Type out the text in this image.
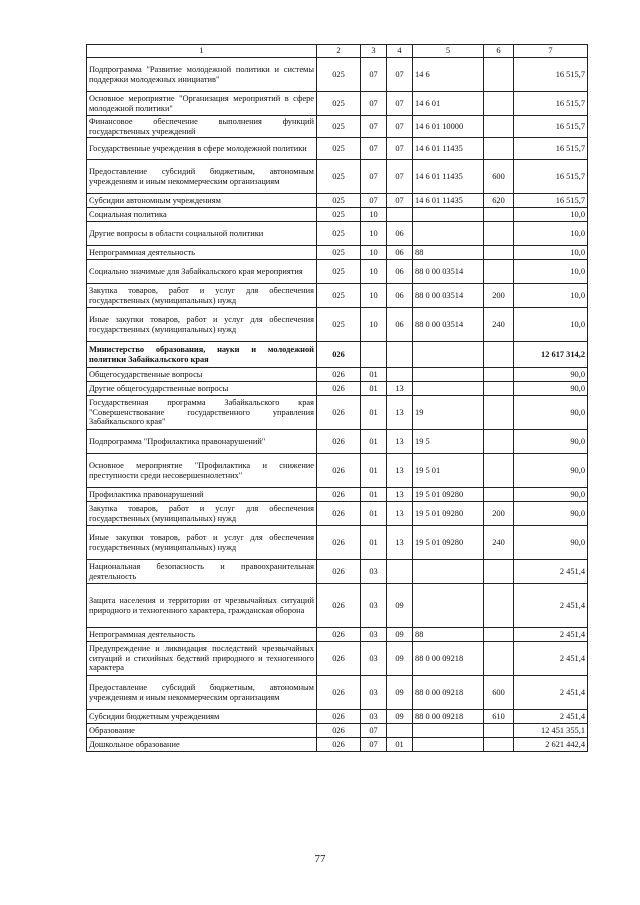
1	2	3	4	5	6	7
Подпрограмма "Развитие молодежной политики и системы поддержки молодежных инициатив"	025	07	07	14 6		16 515,7
Основное мероприятие "Организация мероприятий в сфере молодежной политики"	025	07	07	14 6 01		16 515,7
Финансовое обеспечение выполнения функций государственных учреждений	025	07	07	14 6 01 10000		16 515,7
Государственные учреждения в сфере молодежной политики	025	07	07	14 6 01 11435		16 515,7
Предоставление субсидий бюджетным, автономным учреждениям и иным некоммерческим организациям	025	07	07	14 6 01 11435	600	16 515,7
Субсидии автономным учреждениям	025	07	07	14 6 01 11435	620	16 515,7
Социальная политика	025	10				10,0
Другие вопросы в области социальной политики	025	10	06			10,0
Непрограммная деятельность	025	10	06	88		10,0
Социально значимые для Забайкальского края мероприятия	025	10	06	88 0 00 03514		10,0
Закупка товаров, работ и услуг для обеспечения государственных (муниципальных) нужд	025	10	06	88 0 00 03514	200	10,0
Иные закупки товаров, работ и услуг для обеспечения государственных (муниципальных) нужд	025	10	06	88 0 00 03514	240	10,0
Министерство образования, науки и молодежной политики Забайкальского края	026					12 617 314,2
Общегосударственные вопросы	026	01				90,0
Другие общегосударственные вопросы	026	01	13			90,0
Государственная программа Забайкальского края "Совершенствование государственного управления Забайкальского края"	026	01	13	19		90,0
Подпрограмма "Профилактика правонарушений"	026	01	13	19 5		90,0
Основное мероприятие "Профилактика и снижение преступности среди несовершеннолетних"	026	01	13	19 5 01		90,0
Профилактика правонарушений	026	01	13	19 5 01 09280		90,0
Закупка товаров, работ и услуг для обеспечения государственных (муниципальных) нужд	026	01	13	19 5 01 09280	200	90,0
Иные закупки товаров, работ и услуг для обеспечения государственных (муниципальных) нужд	026	01	13	19 5 01 09280	240	90,0
Национальная безопасность и правоохранительная деятельность	026	03				2 451,4
Защита населения и территории от чрезвычайных ситуаций природного и техногенного характера, гражданская оборона	026	03	09			2 451,4
Непрограммная деятельность	026	03	09	88		2 451,4
Предупреждение и ликвидация последствий чрезвычайных ситуаций и стихийных бедствий природного и техногенного характера	026	03	09	88 0 00 09218		2 451,4
Предоставление субсидий бюджетным, автономным учреждениям и иным некоммерческим организациям	026	03	09	88 0 00 09218	600	2 451,4
Субсидии бюджетным учреждениям	026	03	09	88 0 00 09218	610	2 451,4
Образование	026	07				12 451 355,1
Дошкольное образование	026	07	01			2 621 442,4
77
